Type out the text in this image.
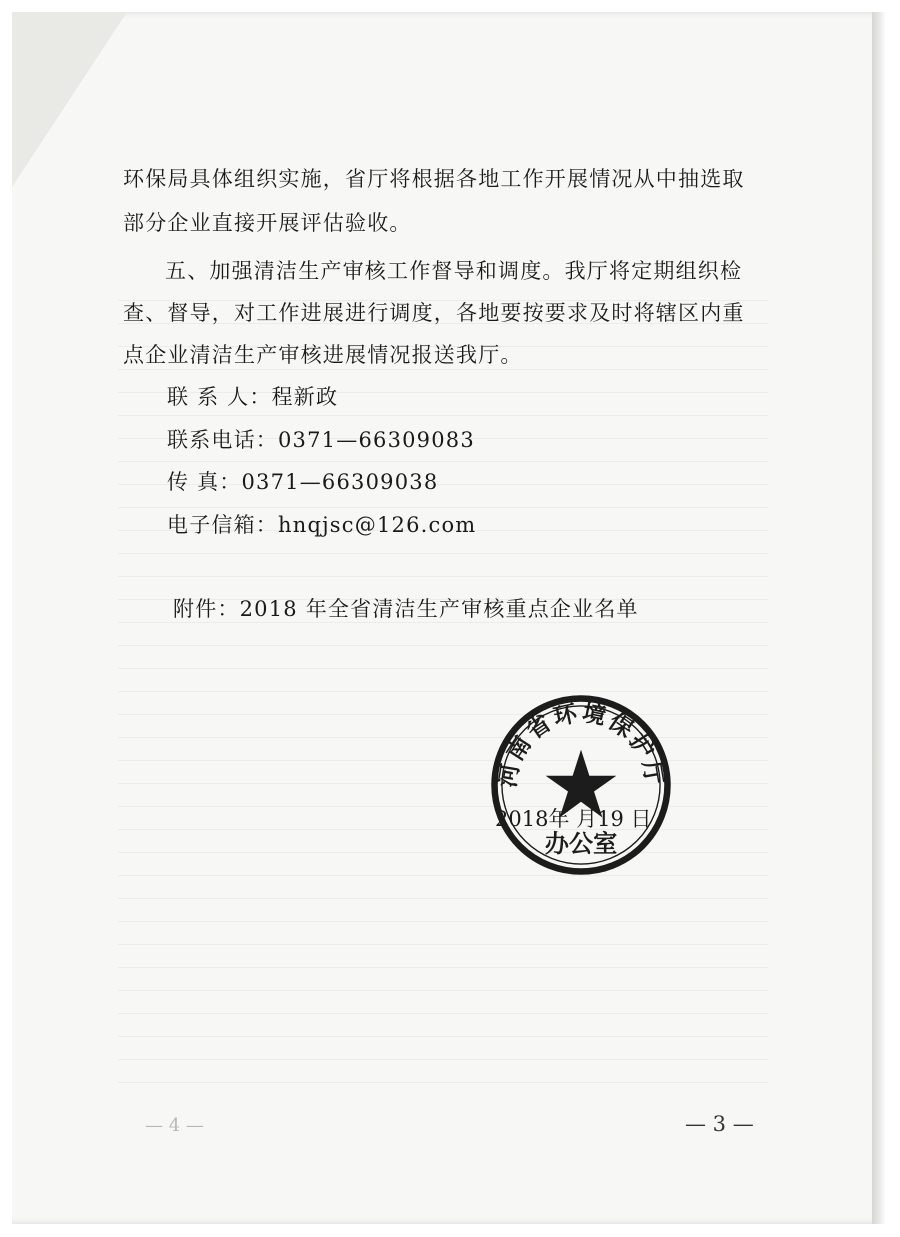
环保局具体组织实施，省厅将根据各地工作开展情况从中抽选取
部分企业直接开展评估验收。
五、加强清洁生产审核工作督导和调度。我厅将定期组织检
查、督导，对工作进展进行调度，各地要按要求及时将辖区内重
点企业清洁生产审核进展情况报送我厅。
联 系 人：程新政
联系电话：0371—66309083
传 真：0371—66309038
电子信箱：hnqjsc@126.com
附件：2018 年全省清洁生产审核重点企业名单
河南省环境保护厅
办公室
2018年 月19 日
— 4 —	— 3 —
